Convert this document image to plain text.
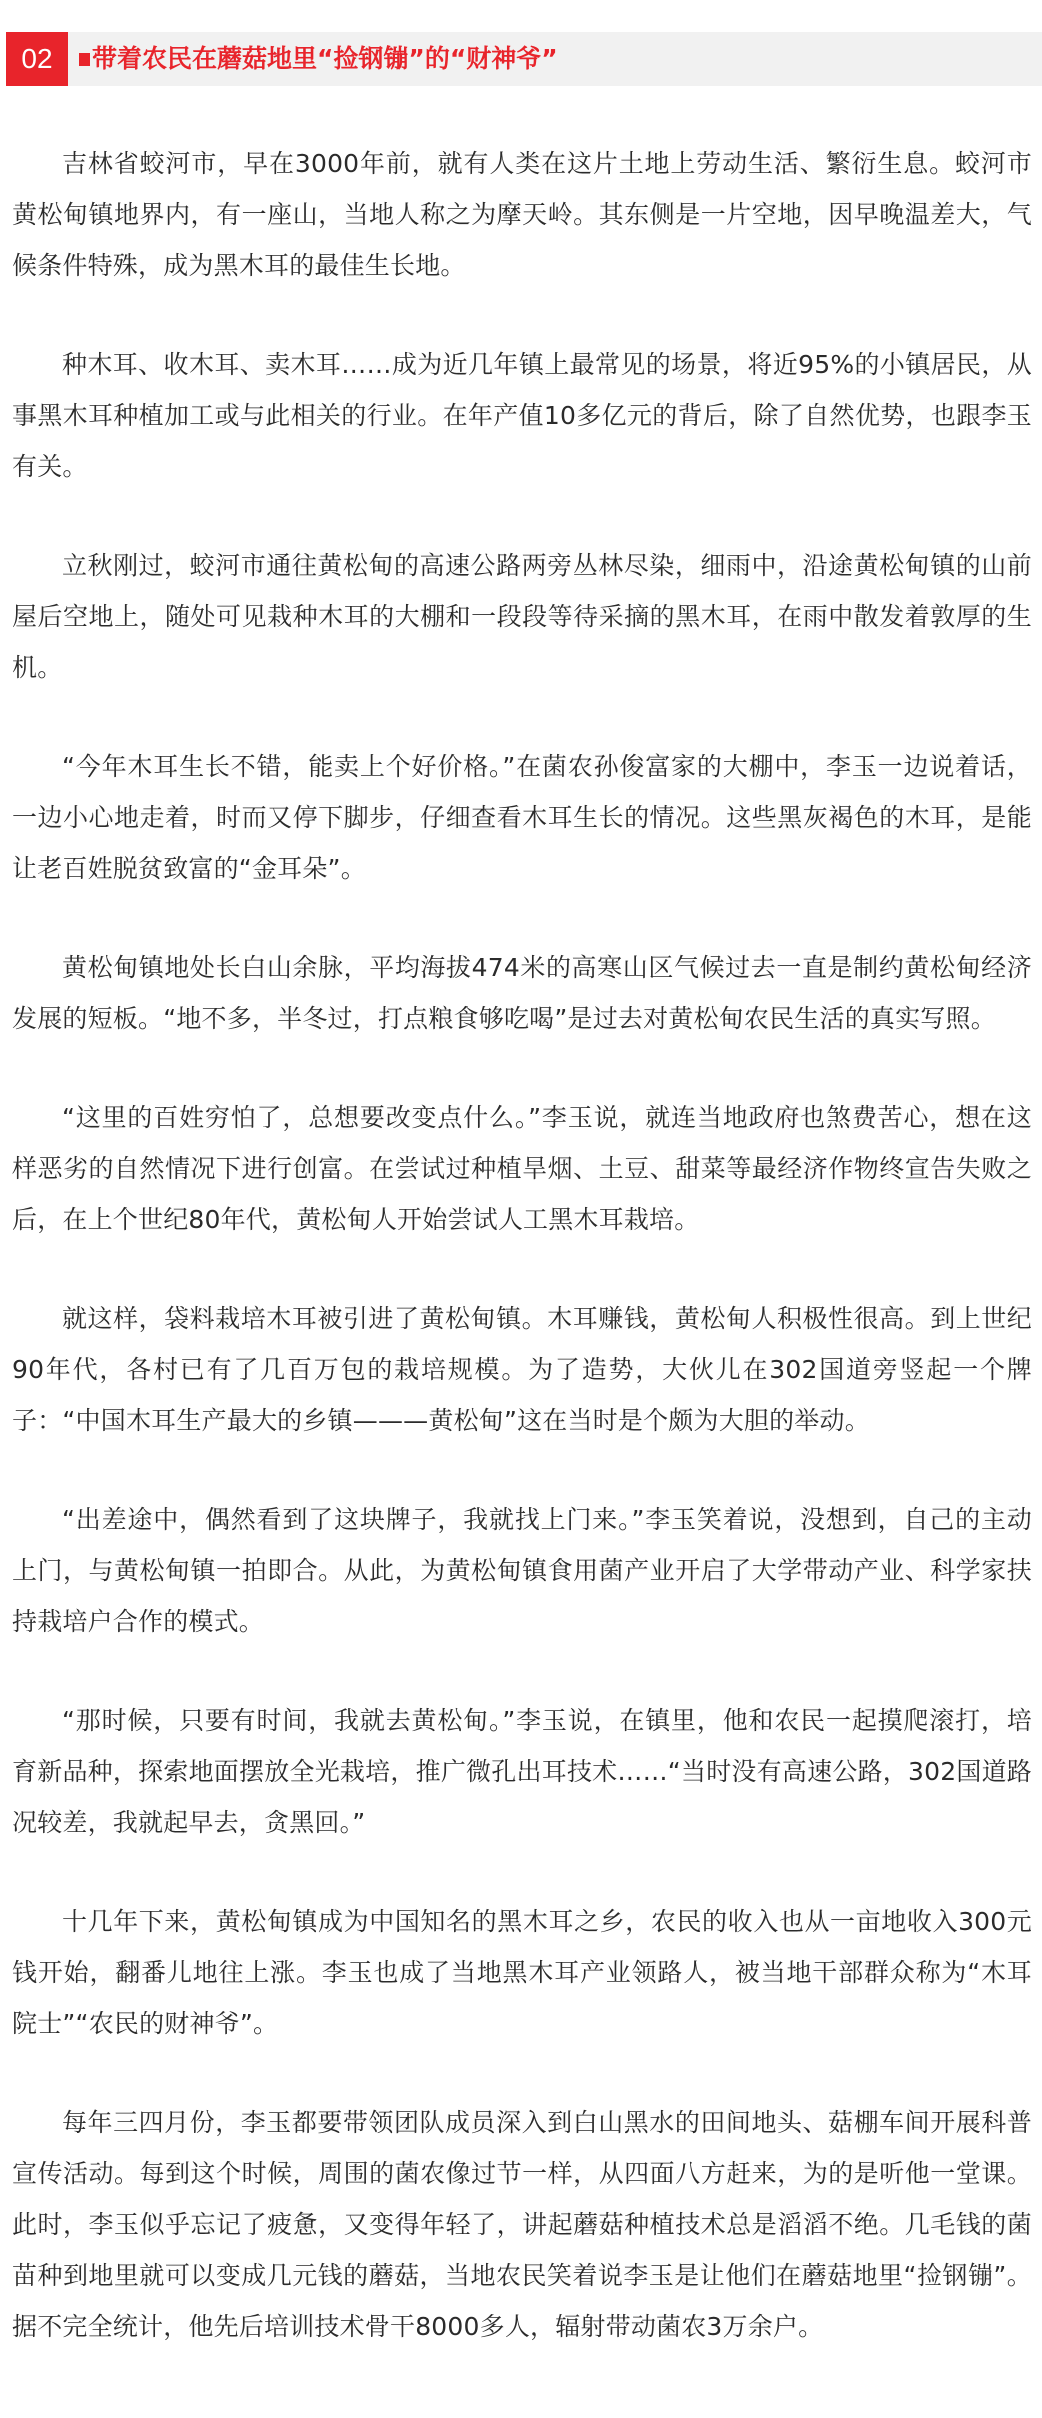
02	带着农民在蘑菇地里“捡钢镚”的“财神爷”

吉林省蛟河市，早在3000年前，就有人类在这片土地上劳动生活、繁衍生息。蛟河市黄松甸镇地界内，有一座山，当地人称之为摩天岭。其东侧是一片空地，因早晚温差大，气候条件特殊，成为黑木耳的最佳生长地。

种木耳、收木耳、卖木耳……成为近几年镇上最常见的场景，将近95%的小镇居民，从事黑木耳种植加工或与此相关的行业。在年产值10多亿元的背后，除了自然优势，也跟李玉有关。

立秋刚过，蛟河市通往黄松甸的高速公路两旁丛林尽染，细雨中，沿途黄松甸镇的山前屋后空地上，随处可见栽种木耳的大棚和一段段等待采摘的黑木耳，在雨中散发着敦厚的生机。

“今年木耳生长不错，能卖上个好价格。”在菌农孙俊富家的大棚中，李玉一边说着话，一边小心地走着，时而又停下脚步，仔细查看木耳生长的情况。这些黑灰褐色的木耳，是能让老百姓脱贫致富的“金耳朵”。

黄松甸镇地处长白山余脉，平均海拔474米的高寒山区气候过去一直是制约黄松甸经济发展的短板。“地不多，半冬过，打点粮食够吃喝”是过去对黄松甸农民生活的真实写照。

“这里的百姓穷怕了，总想要改变点什么。”李玉说，就连当地政府也煞费苦心，想在这样恶劣的自然情况下进行创富。在尝试过种植旱烟、土豆、甜菜等最经济作物终宣告失败之后，在上个世纪80年代，黄松甸人开始尝试人工黑木耳栽培。

就这样，袋料栽培木耳被引进了黄松甸镇。木耳赚钱，黄松甸人积极性很高。到上世纪90年代，各村已有了几百万包的栽培规模。为了造势，大伙儿在302国道旁竖起一个牌子：“中国木耳生产最大的乡镇———黄松甸”这在当时是个颇为大胆的举动。

“出差途中，偶然看到了这块牌子，我就找上门来。”李玉笑着说，没想到，自己的主动上门，与黄松甸镇一拍即合。从此，为黄松甸镇食用菌产业开启了大学带动产业、科学家扶持栽培户合作的模式。

“那时候，只要有时间，我就去黄松甸。”李玉说，在镇里，他和农民一起摸爬滚打，培育新品种，探索地面摆放全光栽培，推广微孔出耳技术……“当时没有高速公路，302国道路况较差，我就起早去，贪黑回。”

十几年下来，黄松甸镇成为中国知名的黑木耳之乡，农民的收入也从一亩地收入300元钱开始，翻番儿地往上涨。李玉也成了当地黑木耳产业领路人，被当地干部群众称为“木耳院士”“农民的财神爷”。

每年三四月份，李玉都要带领团队成员深入到白山黑水的田间地头、菇棚车间开展科普宣传活动。每到这个时候，周围的菌农像过节一样，从四面八方赶来，为的是听他一堂课。此时，李玉似乎忘记了疲惫，又变得年轻了，讲起蘑菇种植技术总是滔滔不绝。几毛钱的菌苗种到地里就可以变成几元钱的蘑菇，当地农民笑着说李玉是让他们在蘑菇地里“捡钢镚”。据不完全统计，他先后培训技术骨干8000多人，辐射带动菌农3万余户。
